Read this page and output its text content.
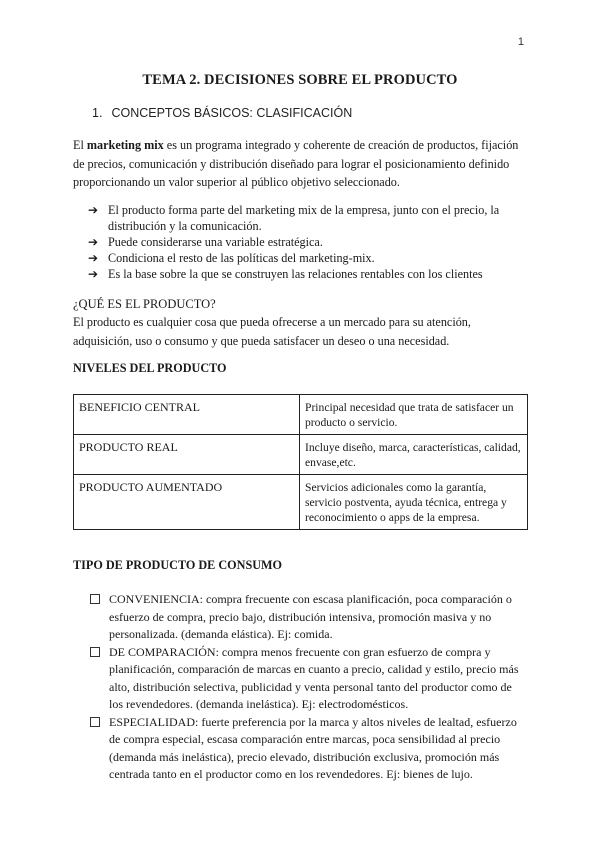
1
TEMA 2. DECISIONES SOBRE EL PRODUCTO
1. CONCEPTOS BÁSICOS: CLASIFICACIÓN

El marketing mix es un programa integrado y coherente de creación de productos, fijación de precios, comunicación y distribución diseñado para lograr el posicionamiento definido proporcionando un valor superior al público objetivo seleccionado.

➔ El producto forma parte del marketing mix de la empresa, junto con el precio, la distribución y la comunicación.
➔ Puede considerarse una variable estratégica.
➔ Condiciona el resto de las políticas del marketing-mix.
➔ Es la base sobre la que se construyen las relaciones rentables con los clientes
¿QUÉ ES EL PRODUCTO?

El producto es cualquier cosa que pueda ofrecerse a un mercado para su atención, adquisición, uso o consumo y que pueda satisfacer un deseo o una necesidad.

NIVELES DEL PRODUCTO
BENEFICIO CENTRAL	Principal necesidad que trata de satisfacer un producto o servicio.
PRODUCTO REAL	Incluye diseño, marca, características, calidad, envase,etc.
PRODUCTO AUMENTADO	Servicios adicionales como la garantía, servicio postventa, ayuda técnica, entrega y reconocimiento o apps de la empresa.
TIPO DE PRODUCTO DE CONSUMO
CONVENIENCIA: compra frecuente con escasa planificación, poca comparación o esfuerzo de compra, precio bajo, distribución intensiva, promoción masiva y no personalizada. (demanda elástica). Ej: comida.
DE COMPARACIÓN: compra menos frecuente con gran esfuerzo de compra y planificación, comparación de marcas en cuanto a precio, calidad y estilo, precio más alto, distribución selectiva, publicidad y venta personal tanto del productor como de los revendedores. (demanda inelástica). Ej: electrodomésticos.
ESPECIALIDAD: fuerte preferencia por la marca y altos niveles de lealtad, esfuerzo de compra especial, escasa comparación entre marcas, poca sensibilidad al precio (demanda más inelástica), precio elevado, distribución exclusiva, promoción más centrada tanto en el productor como en los revendedores. Ej: bienes de lujo.
